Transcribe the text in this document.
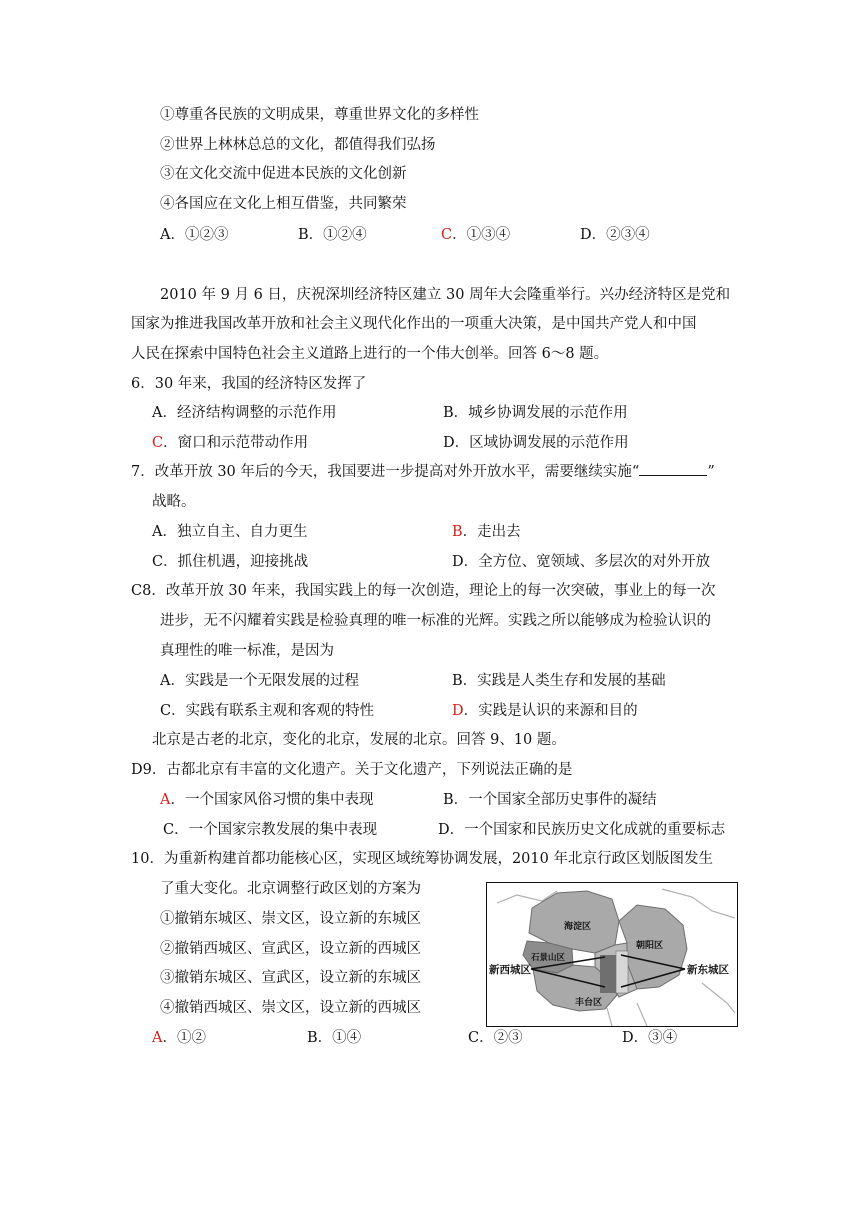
①尊重各民族的文明成果，尊重世界文化的多样性
②世界上林林总总的文化，都值得我们弘扬
③在文化交流中促进本民族的文化创新
④各国应在文化上相互借鉴，共同繁荣
A．①②③	B．①②④	C．①③④	D．②③④
2010 年 9 月 6 日，庆祝深圳经济特区建立 30 周年大会隆重举行。兴办经济特区是党和
国家为推进我国改革开放和社会主义现代化作出的一项重大决策，是中国共产党人和中国
人民在探索中国特色社会主义道路上进行的一个伟大创举。回答 6～8 题。
6．30 年来，我国的经济特区发挥了
A．经济结构调整的示范作用	B．城乡协调发展的示范作用
C．窗口和示范带动作用	D．区域协调发展的示范作用
7．改革开放 30 年后的今天，我国要进一步提高对外开放水平，需要继续实施“	”
战略。
A．独立自主、自力更生	B．走出去
C．抓住机遇，迎接挑战	D．全方位、宽领域、多层次的对外开放
C8．改革开放 30 年来，我国实践上的每一次创造，理论上的每一次突破，事业上的每一次
进步，无不闪耀着实践是检验真理的唯一标准的光辉。实践之所以能够成为检验认识的
真理性的唯一标准，是因为
A．实践是一个无限发展的过程	B．实践是人类生存和发展的基础
C．实践有联系主观和客观的特性	D．实践是认识的来源和目的
北京是古老的北京，变化的北京，发展的北京。回答 9、10 题。
D9．古都北京有丰富的文化遗产。关于文化遗产，下列说法正确的是
A．一个国家风俗习惯的集中表现	B．一个国家全部历史事件的凝结
C．一个国家宗教发展的集中表现	D．一个国家和民族历史文化成就的重要标志
10．为重新构建首都功能核心区，实现区域统筹协调发展，2010 年北京行政区划版图发生
了重大变化。北京调整行政区划的方案为
①撤销东城区、崇文区，设立新的东城区
②撤销西城区、宣武区，设立新的西城区
③撤销东城区、宣武区，设立新的东城区
④撤销西城区、崇文区，设立新的西城区
A．①②	B．①④	C．②③	D．③④
海淀区
朝阳区
石景山区
丰台区
新西城区	新东城区
